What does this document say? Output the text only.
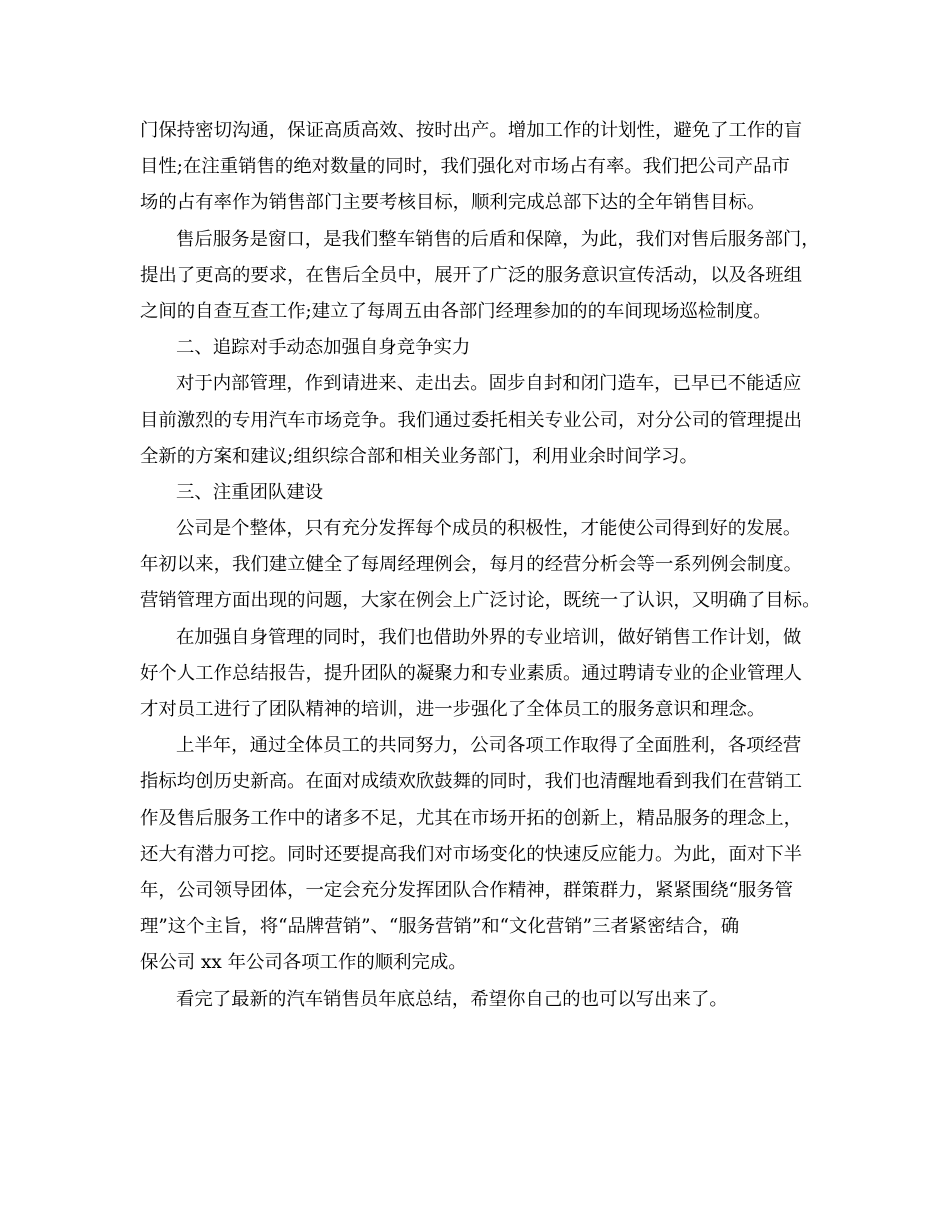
门保持密切沟通，保证高质高效、按时出产。增加工作的计划性，避免了工作的盲
目性;在注重销售的绝对数量的同时，我们强化对市场占有率。我们把公司产品市
场的占有率作为销售部门主要考核目标，顺利完成总部下达的全年销售目标。

售后服务是窗口，是我们整车销售的后盾和保障，为此，我们对售后服务部门，
提出了更高的要求，在售后全员中，展开了广泛的服务意识宣传活动，以及各班组
之间的自查互查工作;建立了每周五由各部门经理参加的的车间现场巡检制度。

二、追踪对手动态加强自身竞争实力

对于内部管理，作到请进来、走出去。固步自封和闭门造车，已早已不能适应
目前激烈的专用汽车市场竞争。我们通过委托相关专业公司，对分公司的管理提出
全新的方案和建议;组织综合部和相关业务部门，利用业余时间学习。

三、注重团队建设

公司是个整体，只有充分发挥每个成员的积极性，才能使公司得到好的发展。
年初以来，我们建立健全了每周经理例会，每月的经营分析会等一系列例会制度。
营销管理方面出现的问题，大家在例会上广泛讨论，既统一了认识，又明确了目标。

在加强自身管理的同时，我们也借助外界的专业培训，做好销售工作计划，做
好个人工作总结报告，提升团队的凝聚力和专业素质。通过聘请专业的企业管理人
才对员工进行了团队精神的培训，进一步强化了全体员工的服务意识和理念。

上半年，通过全体员工的共同努力，公司各项工作取得了全面胜利，各项经营
指标均创历史新高。在面对成绩欢欣鼓舞的同时，我们也清醒地看到我们在营销工
作及售后服务工作中的诸多不足，尤其在市场开拓的创新上，精品服务的理念上，
还大有潜力可挖。同时还要提高我们对市场变化的快速反应能力。为此，面对下半
年，公司领导团体，一定会充分发挥团队合作精神，群策群力，紧紧围绕“服务管
理”这个主旨，将“品牌营销”、“服务营销”和“文化营销”三者紧密结合，确
保公司 xx 年公司各项工作的顺利完成。

看完了最新的汽车销售员年底总结，希望你自己的也可以写出来了。
